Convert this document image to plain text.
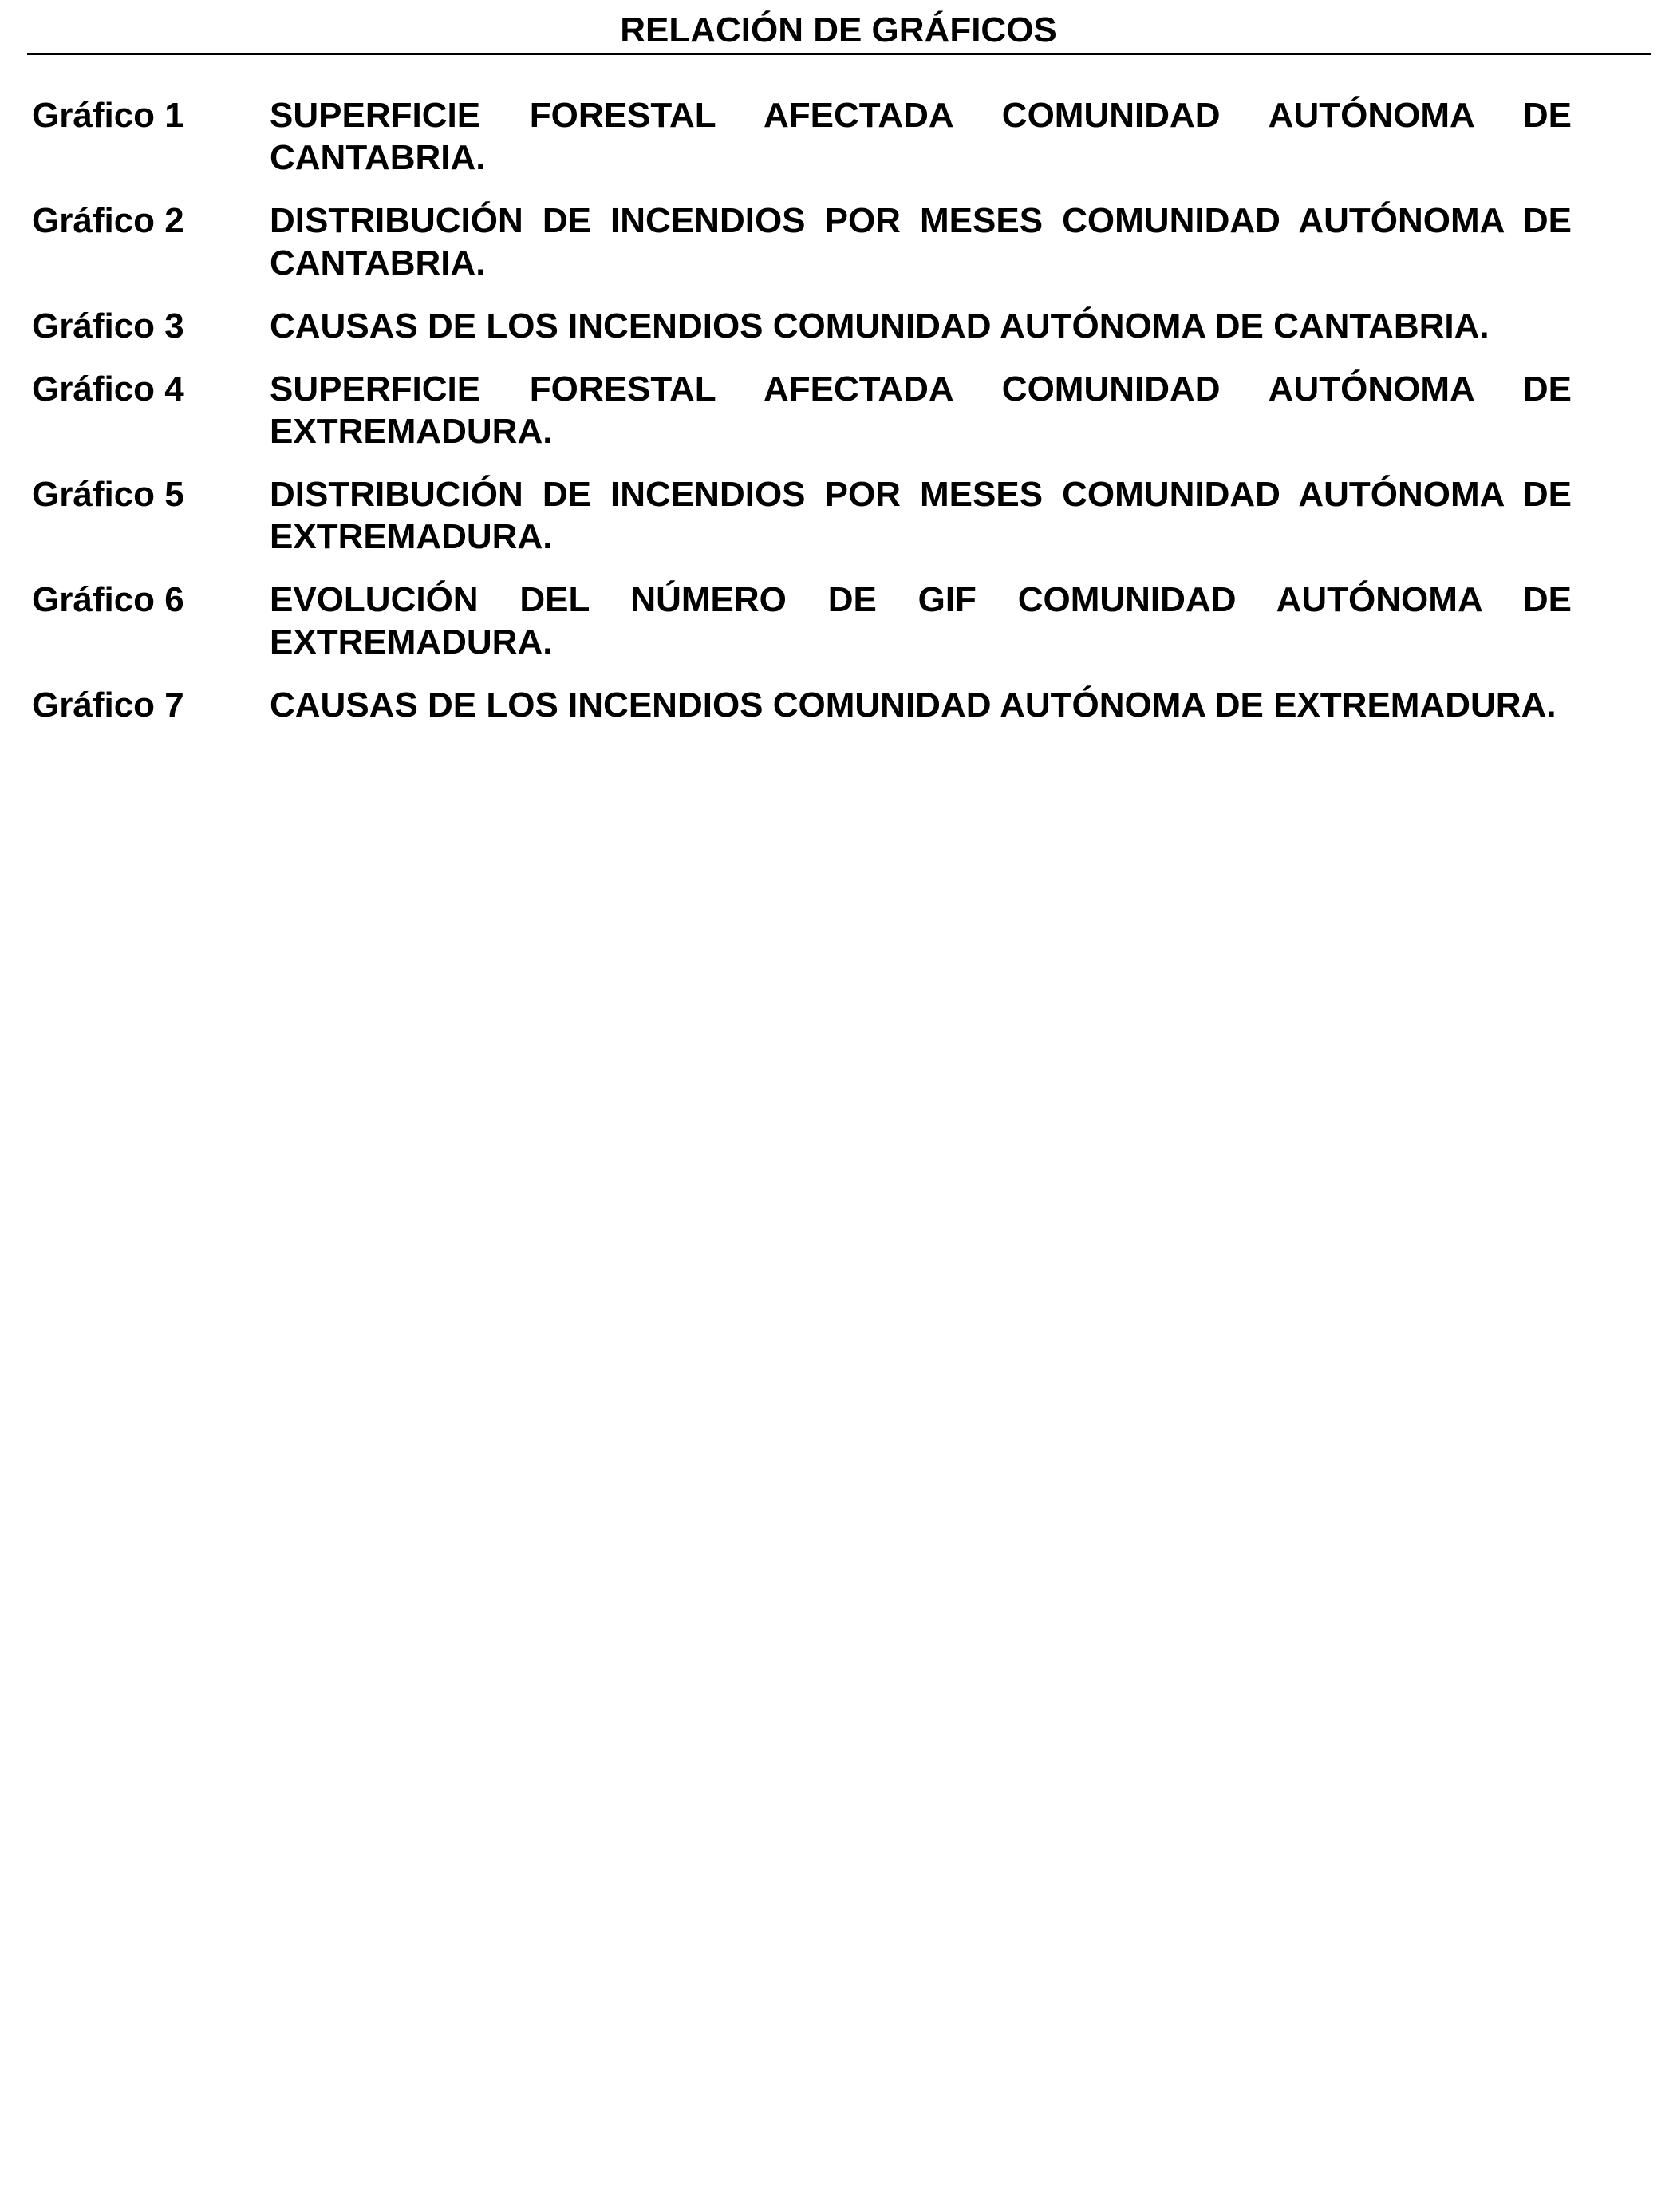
RELACIÓN DE GRÁFICOS
Gráfico 1	SUPERFICIE FORESTAL AFECTADA COMUNIDAD AUTÓNOMA DE CANTABRIA.
Gráfico 2	DISTRIBUCIÓN DE INCENDIOS POR MESES COMUNIDAD AUTÓNOMA DE CANTABRIA.
Gráfico 3	CAUSAS DE LOS INCENDIOS COMUNIDAD AUTÓNOMA DE CANTABRIA.
Gráfico 4	SUPERFICIE FORESTAL AFECTADA COMUNIDAD AUTÓNOMA DE EXTREMADURA.
Gráfico 5	DISTRIBUCIÓN DE INCENDIOS POR MESES COMUNIDAD AUTÓNOMA DE EXTREMADURA.
Gráfico 6	EVOLUCIÓN DEL NÚMERO DE GIF COMUNIDAD AUTÓNOMA DE EXTREMADURA.
Gráfico 7	CAUSAS DE LOS INCENDIOS COMUNIDAD AUTÓNOMA DE EXTREMADURA.
